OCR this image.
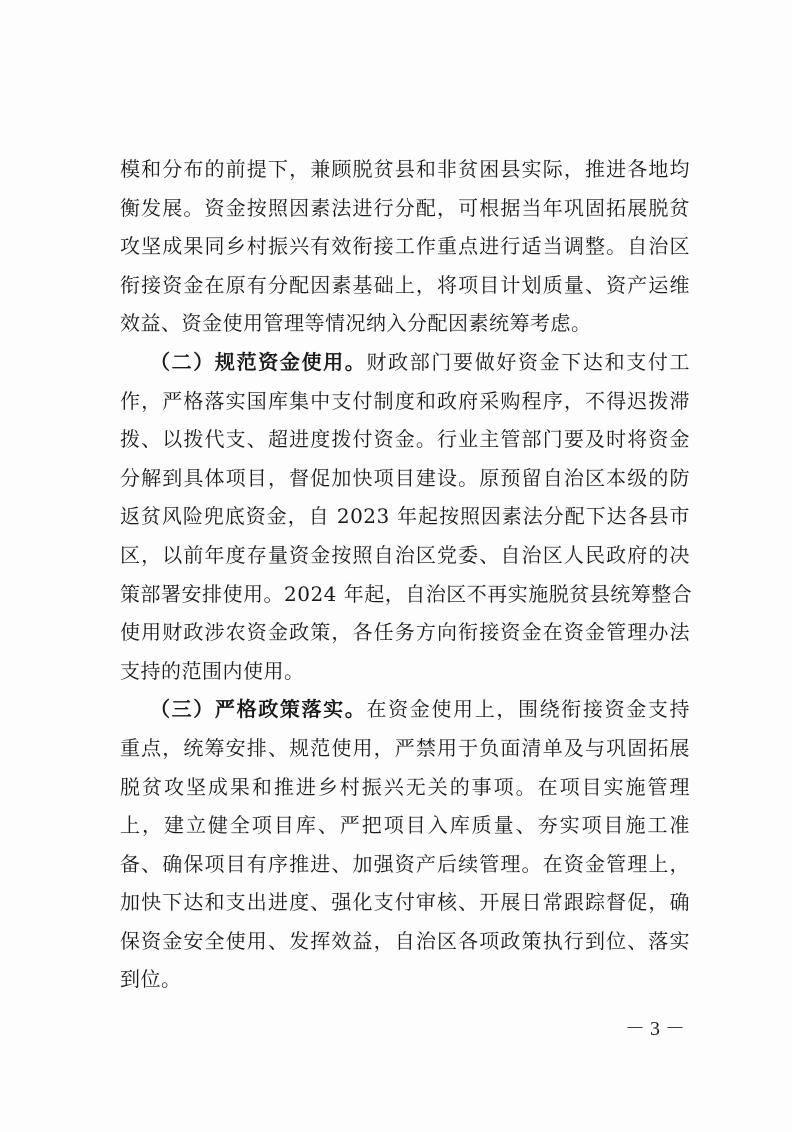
模和分布的前提下，兼顾脱贫县和非贫困县实际，推进各地均
衡发展。资金按照因素法进行分配，可根据当年巩固拓展脱贫
攻坚成果同乡村振兴有效衔接工作重点进行适当调整。自治区
衔接资金在原有分配因素基础上，将项目计划质量、资产运维
效益、资金使用管理等情况纳入分配因素统筹考虑。
（二）规范资金使用。财政部门要做好资金下达和支付工
作，严格落实国库集中支付制度和政府采购程序，不得迟拨滞
拨、以拨代支、超进度拨付资金。行业主管部门要及时将资金
分解到具体项目，督促加快项目建设。原预留自治区本级的防
返贫风险兜底资金，自 2023 年起按照因素法分配下达各县市
区，以前年度存量资金按照自治区党委、自治区人民政府的决
策部署安排使用。2024 年起，自治区不再实施脱贫县统筹整合
使用财政涉农资金政策，各任务方向衔接资金在资金管理办法
支持的范围内使用。
（三）严格政策落实。在资金使用上，围绕衔接资金支持
重点，统筹安排、规范使用，严禁用于负面清单及与巩固拓展
脱贫攻坚成果和推进乡村振兴无关的事项。在项目实施管理
上，建立健全项目库、严把项目入库质量、夯实项目施工准
备、确保项目有序推进、加强资产后续管理。在资金管理上，
加快下达和支出进度、强化支付审核、开展日常跟踪督促，确
保资金安全使用、发挥效益，自治区各项政策执行到位、落实
到位。
－ 3 －
